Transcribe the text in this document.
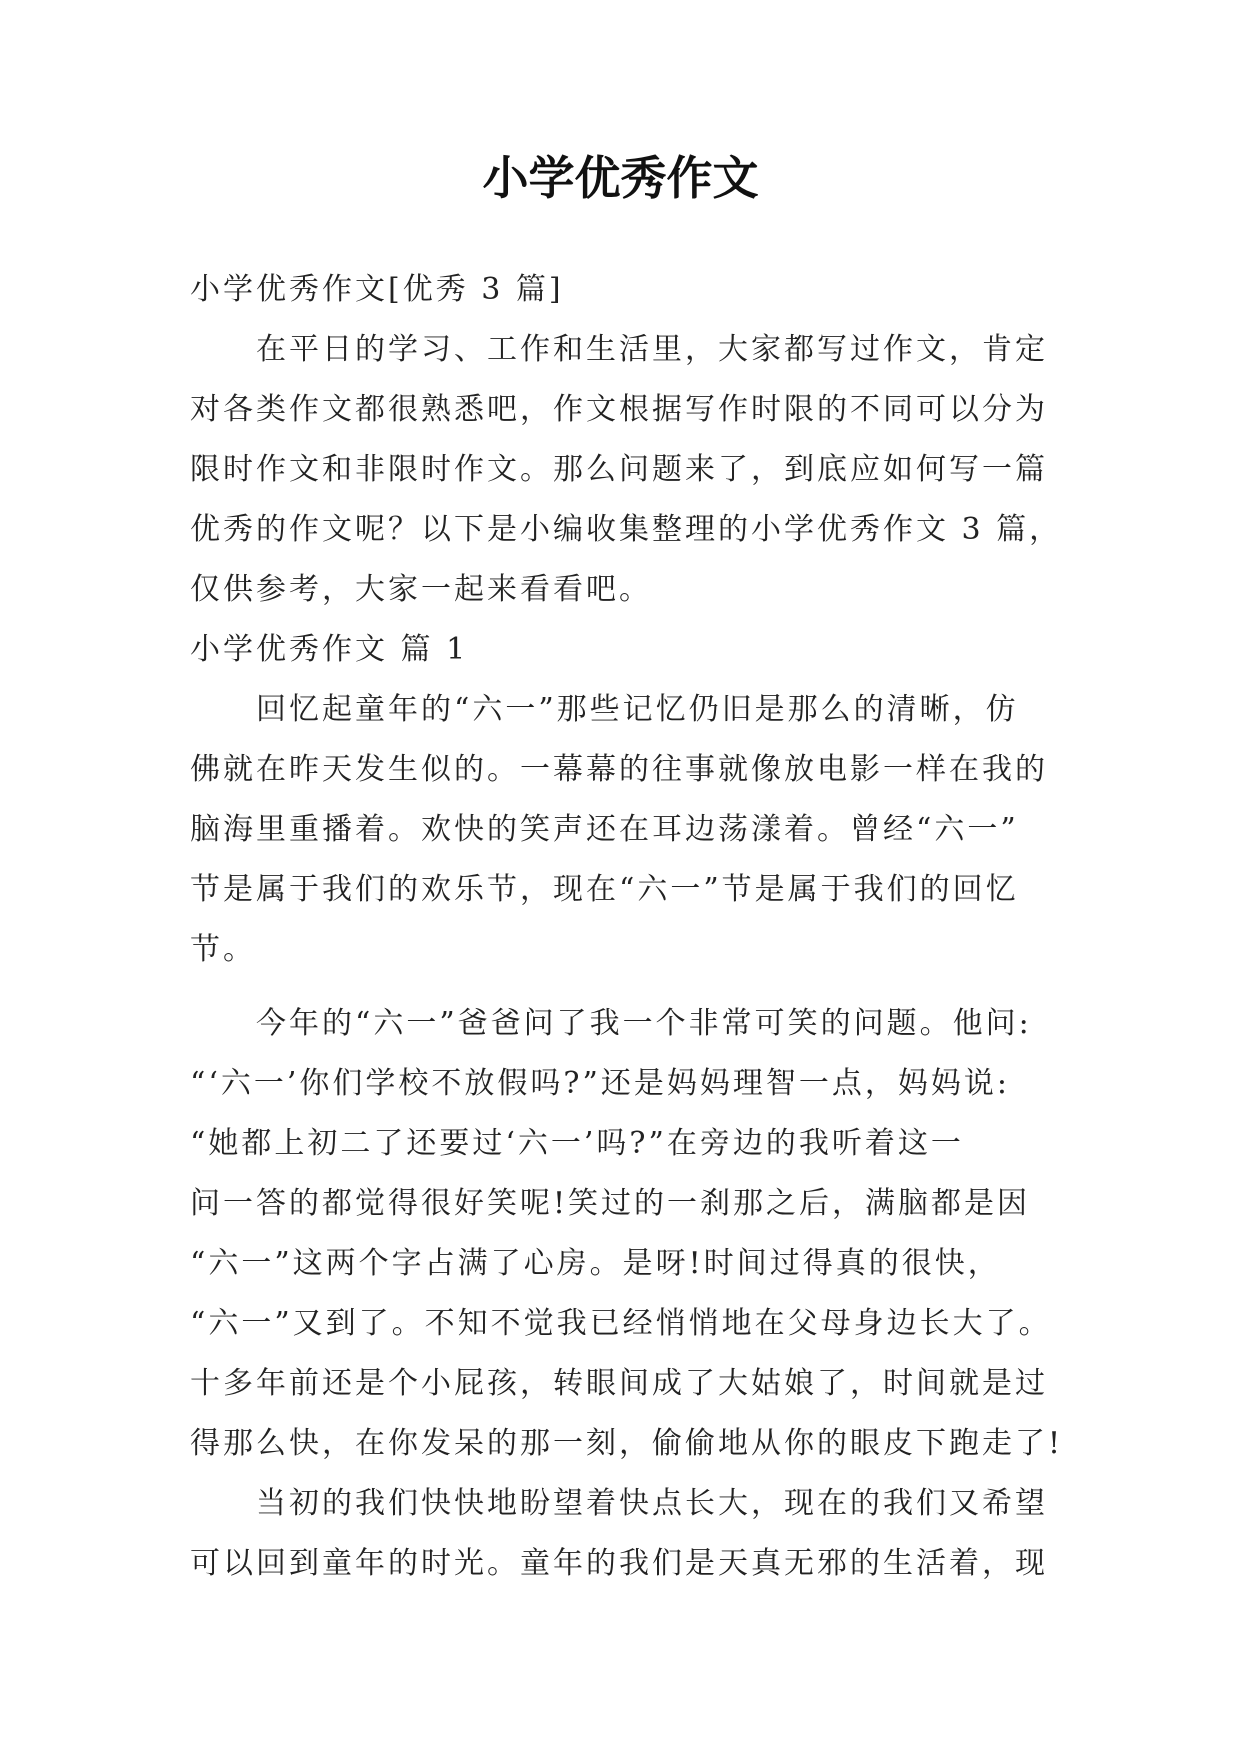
小学优秀作文
小学优秀作文[优秀 3 篇]
在平日的学习、工作和生活里，大家都写过作文，肯定
对各类作文都很熟悉吧，作文根据写作时限的不同可以分为
限时作文和非限时作文。那么问题来了，到底应如何写一篇
优秀的作文呢？以下是小编收集整理的小学优秀作文 3 篇，
仅供参考，大家一起来看看吧。
小学优秀作文 篇 1
回忆起童年的“六一”那些记忆仍旧是那么的清晰，仿
佛就在昨天发生似的。一幕幕的往事就像放电影一样在我的
脑海里重播着。欢快的笑声还在耳边荡漾着。曾经“六一”
节是属于我们的欢乐节，现在“六一”节是属于我们的回忆
节。
今年的“六一”爸爸问了我一个非常可笑的问题。他问:
“‘六一’你们学校不放假吗?”还是妈妈理智一点，妈妈说:
“她都上初二了还要过‘六一’吗?”在旁边的我听着这一
问一答的都觉得很好笑呢!笑过的一刹那之后，满脑都是因
“六一”这两个字占满了心房。是呀!时间过得真的很快，
“六一”又到了。不知不觉我已经悄悄地在父母身边长大了。
十多年前还是个小屁孩，转眼间成了大姑娘了，时间就是过
得那么快，在你发呆的那一刻，偷偷地从你的眼皮下跑走了!
当初的我们快快地盼望着快点长大，现在的我们又希望
可以回到童年的时光。童年的我们是天真无邪的生活着，现
